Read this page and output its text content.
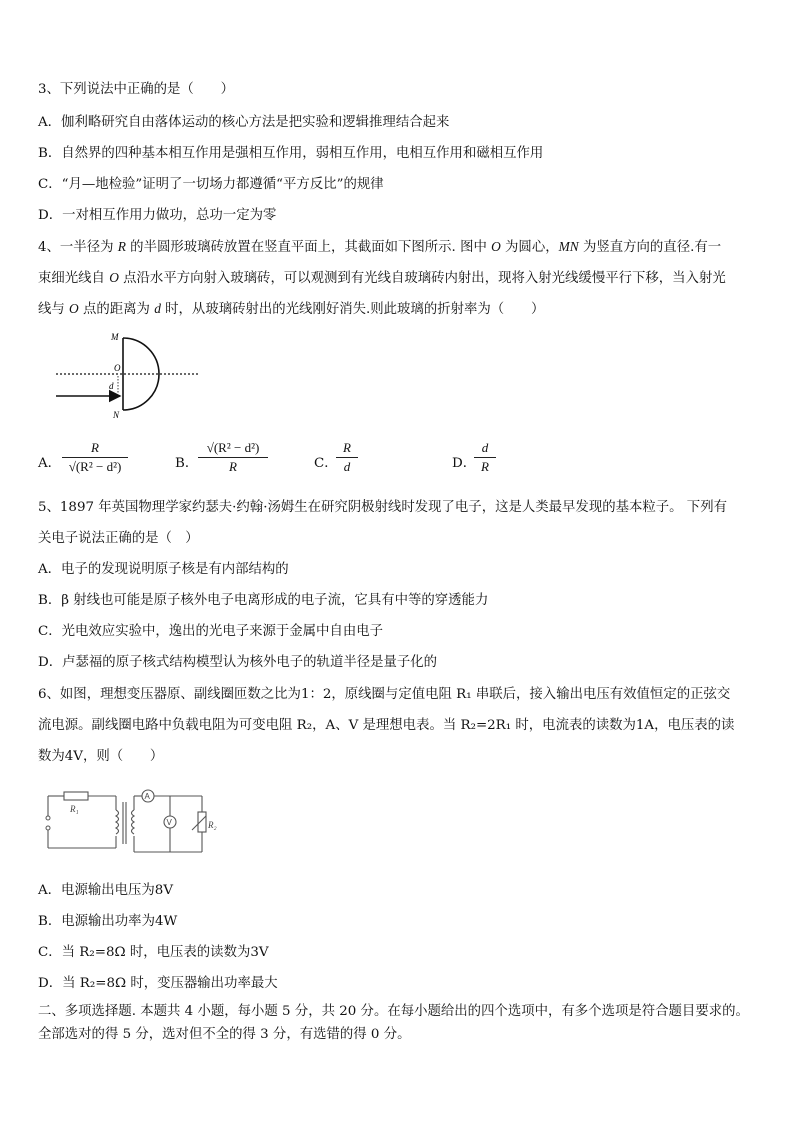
3、下列说法中正确的是（　　）
A．伽利略研究自由落体运动的核心方法是把实验和逻辑推理结合起来
B．自然界的四种基本相互作用是强相互作用，弱相互作用，电相互作用和磁相互作用
C．“月—地检验”证明了一切场力都遵循“平方反比”的规律
D．一对相互作用力做功，总功一定为零
4、一半径为 R 的半圆形玻璃砖放置在竖直平面上，其截面如下图所示. 图中 O 为圆心，MN 为竖直方向的直径.有一
束细光线自 O 点沿水平方向射入玻璃砖，可以观测到有光线自玻璃砖内射出，现将入射光线缓慢平行下移，当入射光
线与 O 点的距离为 d 时，从玻璃砖射出的光线刚好消失.则此玻璃的折射率为（　　）
M
O
d
N
A． $\frac{R}{\text{√(R² − d²)}}$	B． $\frac{\text{√(R² − d²)}}{R}$	C．
$\frac{R}{d}$	D．
$\frac{d}{R}$
5、1897 年英国物理学家约瑟夫·约翰·汤姆生在研究阴极射线时发现了电子，这是人类最早发现的基本粒子。 下列有
关电子说法正确的是（　）
A．电子的发现说明原子核是有内部结构的
B．β 射线也可能是原子核外电子电离形成的电子流，它具有中等的穿透能力
C．光电效应实验中，逸出的光电子来源于金属中自由电子
D．卢瑟福的原子核式结构模型认为核外电子的轨道半径是量子化的
6、如图，理想变压器原、副线圈匝数之比为1：2，原线圈与定值电阻 R₁ 串联后，接入输出电压有效值恒定的正弦交
流电源。副线圈电路中负载电阻为可变电阻 R₂，A、V 是理想电表。当 R₂=2R₁ 时，电流表的读数为1A，电压表的读
数为4V，则（　　）
R₁
A
V	R₂
A．电源输出电压为8V
B．电源输出功率为4W
C．当 R₂=8Ω 时，电压表的读数为3V
D．当 R₂=8Ω 时，变压器输出功率最大
二、多项选择题. 本题共 4 小题，每小题 5 分，共 20 分。在每小题给出的四个选项中，有多个选项是符合题目要求的。
全部选对的得 5 分，选对但不全的得 3 分，有选错的得 0 分。
